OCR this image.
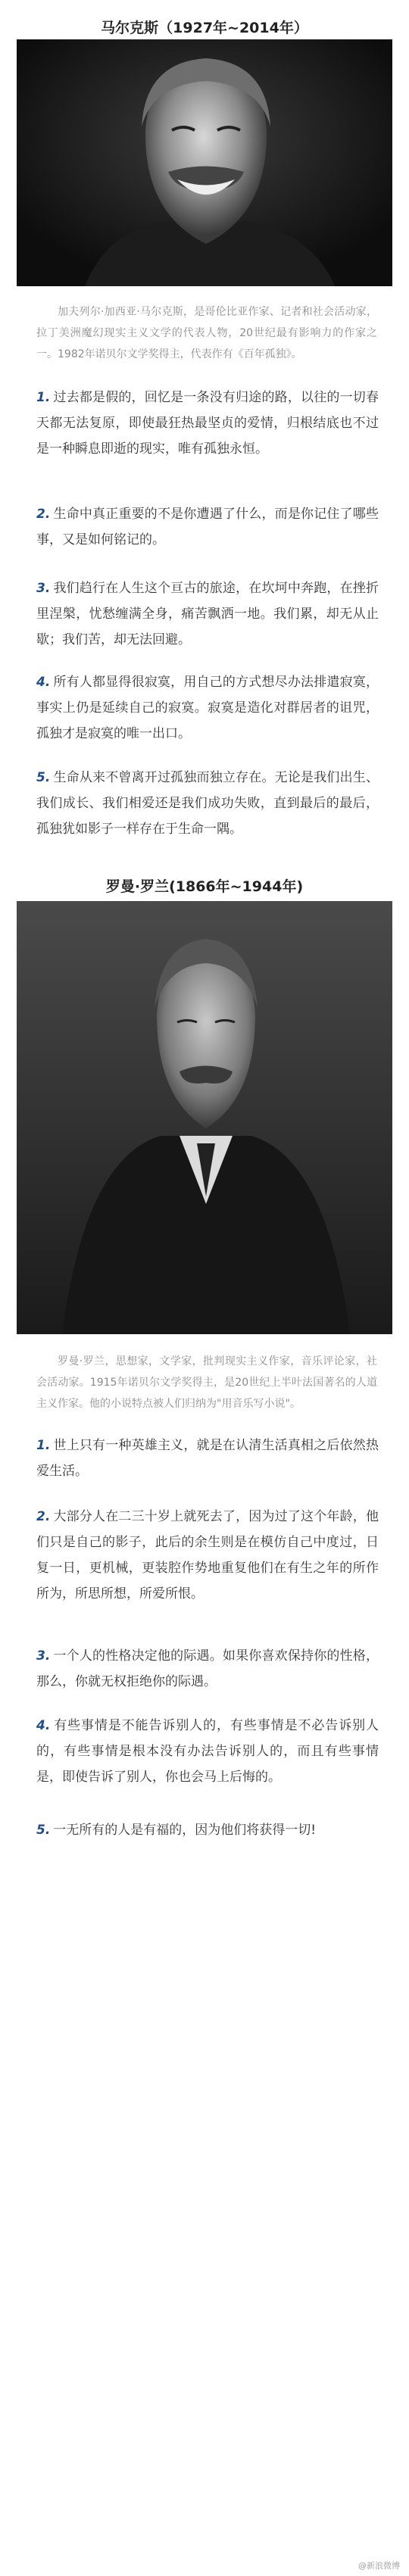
马尔克斯（1927年~2014年）

加夫列尔·加西亚·马尔克斯，是哥伦比亚作家、记者和社会活动家，拉丁美洲魔幻现实主义文学的代表人物，20世纪最有影响力的作家之一。1982年诺贝尔文学奖得主，代表作有《百年孤独》。

1. 过去都是假的，回忆是一条没有归途的路，以往的一切春天都无法复原，即使最狂热最坚贞的爱情，归根结底也不过是一种瞬息即逝的现实，唯有孤独永恒。
2. 生命中真正重要的不是你遭遇了什么，而是你记住了哪些事，又是如何铭记的。
3. 我们趋行在人生这个亘古的旅途，在坎坷中奔跑，在挫折里涅槃，忧愁缠满全身，痛苦飘洒一地。我们累，却无从止歇；我们苦，却无法回避。
4. 所有人都显得很寂寞，用自己的方式想尽办法排遣寂寞，事实上仍是延续自己的寂寞。寂寞是造化对群居者的诅咒，孤独才是寂寞的唯一出口。
5. 生命从来不曾离开过孤独而独立存在。无论是我们出生、我们成长、我们相爱还是我们成功失败，直到最后的最后，孤独犹如影子一样存在于生命一隅。
罗曼·罗兰(1866年~1944年)

罗曼·罗兰，思想家，文学家，批判现实主义作家，音乐评论家，社会活动家。1915年诺贝尔文学奖得主，是20世纪上半叶法国著名的人道主义作家。他的小说特点被人们归纳为"用音乐写小说"。

1. 世上只有一种英雄主义，就是在认清生活真相之后依然热爱生活。
2. 大部分人在二三十岁上就死去了，因为过了这个年龄，他们只是自己的影子，此后的余生则是在模仿自己中度过，日复一日，更机械，更装腔作势地重复他们在有生之年的所作所为，所思所想，所爱所恨。
3. 一个人的性格决定他的际遇。如果你喜欢保持你的性格，那么，你就无权拒绝你的际遇。
4. 有些事情是不能告诉别人的，有些事情是不必告诉别人的，有些事情是根本没有办法告诉别人的，而且有些事情是，即使告诉了别人，你也会马上后悔的。
5. 一无所有的人是有福的，因为他们将获得一切!
@新浪微博
